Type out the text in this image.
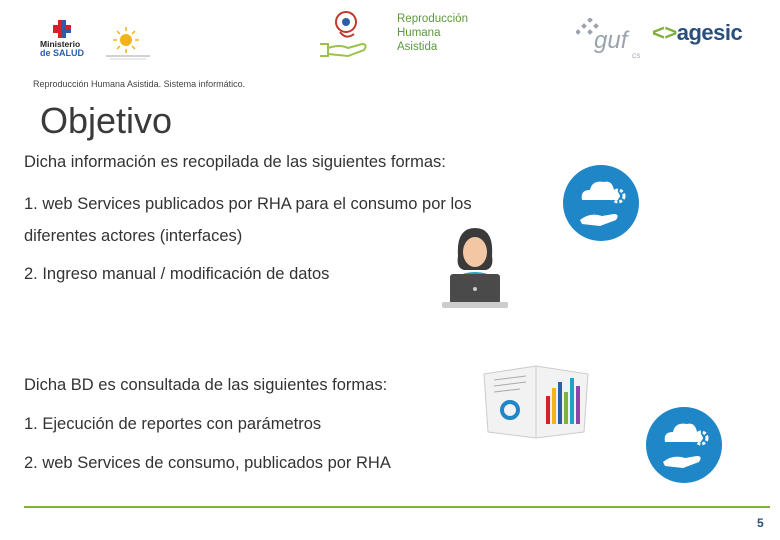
Ministerio
de SALUD
Reproducción
Humana
Asistida	guf
CS
<>agesic
Reproducción Humana Asistida. Sistema informático.
Objetivo
Dicha información es recopilada de las siguientes formas:
1. web Services publicados por RHA para el consumo por los
diferentes actores (interfaces)
2. Ingreso manual / modificación de datos
Dicha BD es consultada de las siguientes formas:
1. Ejecución de reportes con parámetros
2. web Services de consumo, publicados por RHA
5
